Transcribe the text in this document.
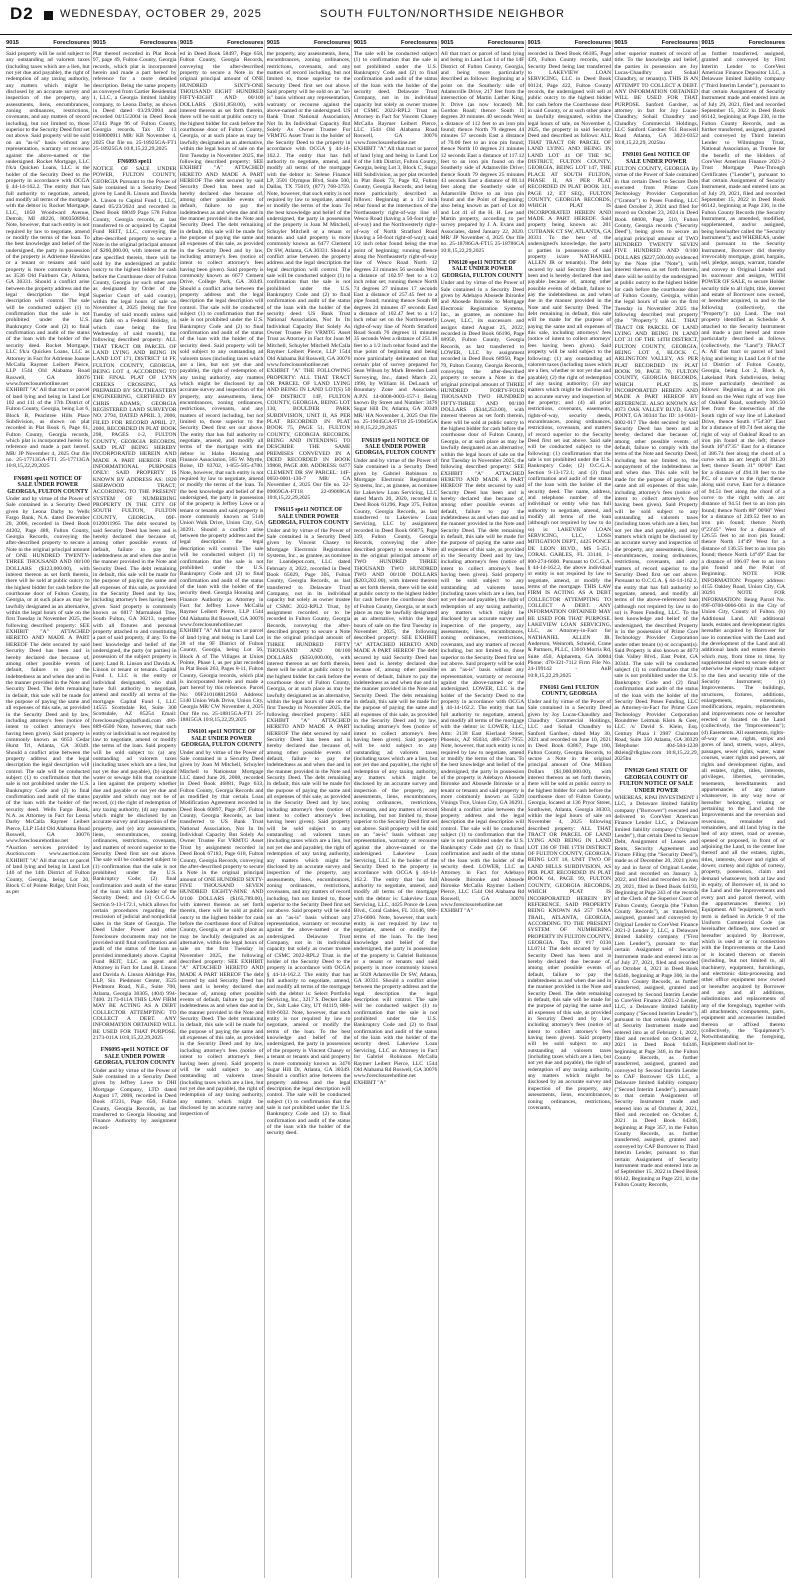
D2 WEDNESDAY, OCTOBER 29, 2025	SOUTH FULTON/NORTHSIDE NEIGHBOR
9015	Foreclosures

Said property will be sold subject to any outstanding ad valorem taxes (including taxes which are a lien, but not yet due and payable), the right of redemption of any taxing authority, any matters which might be disclosed by an accurate survey and inspection of the property, any assessments, liens, encumbrances, zoning ordinances, restrictions, covenants, and any matters of record including, but not limited to, those superior to the Security Deed first set out above. Said property will be sold on an "as-is" basis without any representation, warranty or recourse against the above-named or the undersigned. Rocket Mortgage, LLC f/k/a Quicken Loans, LLC is the holder of the Security Deed to the property in accordance with OCGA § 44-14-162.2. The entity that has full authority to negotiate, amend, and modify all terms of the mortgage with the debtor is: Rocket Mortgage, LLC, 1050 Woodward Avenue, Detroit, MI 48226, 8003508964. Note, however, that such entity is not required by law to negotiate, amend or modify the terms of the loan. To the best knowledge and belief of the undersigned, the party in possession of the property is Adrienne Hawkins or a tenant or tenants and said property is more commonly known as 3536 Old Fairburn Cir, Atlanta, GA 30331. Should a conflict arise between the property address and the legal description the legal description will control. The sale will be conducted subject (1) to confirmation that the sale is not prohibited under the U.S. Bankruptcy Code and (2) to final confirmation and audit of the status of the loan with the holder of the security deed. Rocket Mortgage, LLC f/k/a Quicken Loans, LLC as Attorney in Fact for Adrienne Joanne McCalla Raymer Leibert Pierce, LLP 1544 Old Alabama Road Roswell, GA 30076 www.foreclosurehotline.net EXHIBIT "A" All that tract or parcel of land lying and being in Land Lot 102 and 111 of the 17th District of Fulton County, Georgia, being Lot 6, Block B, Peachtree Hills Place Subdivision, as shown on plat recorded in Plat Book 6, Page 61, Fulton County, Georgia records, which plat is incorporated herein by reference and made a part hereof. MR/ JP November 4, 2025 Our file no. 25-17713GA-FT1 25-17713GA 10:8,15,22,29,2025

FN6091 spe11 NOTICE OF SALE UNDER POWER GEORGIA, FULTON COUNTY

Under and by virtue of the Power of Sale contained in a Security Deed given by Leona Darby to Wells Fargo Bank, N.A. dated December 20, 2006, recorded in Deed Book 44202, Page 488, Fulton County, Georgia Records, conveying the after-described property to secure a Note in the original principal amount of ONE HUNDRED TWENTY-THREE THOUSAND AND 00/100 DOLLARS ($123,000.00), with interest thereon as set forth therein, there will be sold at public outcry to the highest bidder for cash before the courthouse door of Fulton County, Georgia, or at such place as may be lawfully designated as an alternative, within the legal hours of sale on the first Tuesday in November 2025, the following described property: SEE EXHIBIT "A" ATTACHED HERETO AND MADE A PART HEREOF The debt secured by said Security Deed has been and is hereby declared due because of, among other possible events of default, failure to pay the indebtedness as and when due and in the manner provided in the Note and Security Deed. The debt remaining in default, this sale will be made for the purpose of paying the same and all expenses of this sale, as provided in the Security Deed and by law, including attorney's fees (notice of intent to collect attorney's fees having been given). Said property is commonly known as 6653 Cedar Hurst Trl, Atlanta, GA 30349. Should a conflict arise between the property address and the legal description the legal description will control. The sale will be conducted subject (1) to confirmation that the sale is not prohibited under the U.S. Bankruptcy Code and (2) to final confirmation and audit of the status of the loan with the holder of the security deed. Wells Fargo Bank, N.A. as Attorney in Fact for Leona Darby McCalla Raymer Leibert Pierce, LLP 1544 Old Alabama Road Roswell, GA 30076 www.foreclosurehotline.net *Auction services provided by Auction.com www.auction.com EXHIBIT "A" All that tract or parcel of land lying and being in Land Lot 140 of the 14th District of Fulton County, Georgia, being Lot 20, Block C of Pointe Ridge; Unit Four, as per

9015	Foreclosures

Plat thereof recorded in Plat Book 97, page 49, Fulton County, Georgia records, which plat is incorporated herein and made a part hereof by reference for a more detailed description. Being the same property as conveyed from Cartier Residential 1, LLC, a Georgia limited liability company, to Leona Darby, as shown in Deed dated 03/29/2004 and recorded 04/15/2004 in Deed Book 37443 Page 96 of Fulton County, Georgia records. Tax ID: 13 0168000911 MR/ KB November 4, 2025 Our file no. 25-18925GA-FT1 25-18925GA 10:8,15,22,29,2025

FN6093 spe11

NOTICE OF SALE UNDER POWER, FULTON COUNTY, GEORGIA Pursuant to the Power of Sale contained in a Security Deed given by Land R. Linson and Davida A. Linson to Capital Fund I, LLC, dated 05/23/2024 and recorded in Deed Book 68049 Page 578 Fulton County, Georgia records, as last transferred to or acquired by Capital Fund REIT, LLC, conveying the after-described property to secure a Note in the original principal amount of $260,000.00, with interest at the rate specified therein, there will be sold by the undersigned at public outcry to the highest bidder for cash before the Courthouse door of Fulton County, Georgia (or such other area as designated by Order of the Superior Court of said county), within the legal hours of sale on November 4, 2025 (being the first Tuesday of said month unless said date falls on a Federal Holiday, in which case being the first Wednesday of said month), the following described property: ALL THAT TRACT OR PARCEL OF LAND LYING AND BEING IN LAND LOT 171, DISTRICT 14 FF, FULTON COUNTY, GEORGIA, BEING LOT 4, ACCORDING TO THE FINAL PLAT OF LYNN CREEKS CROSSING, AS PREPARED BY SOUTHEASTERN ENGINEERING, CERTIFIED BY CHRIS ADAMS, GEORGIA REGISTERED LAND SURVEYOR NO. 2794, DATED APRIL 3, 2006, FILED FOR RECORD APRIL 27, 2006, RECORDED IN PLAT BOOK 298, PAGES 1-2, FULTON COUNTY, GEORGIA RECORDS, SAID PLAT BEING HEREBY INCORPORATED HEREIN AND MADE A PART HEREOF. FOR INFORMATIONAL PURPOSES ONLY: SAID PROPERTY IS KNOWN BY ADDRESS AS: 1820 SHERWOOD TRACT, ACCORDING TO THE PRESENT SYSTEM OF NUMBERING PROPERTY IN THE CITY OF SOUTH FULTON, FULTON COUNTY, GEORGIA. 09F-0120011965 The debt secured by said Security Deed has been and is hereby declared due because of, among other possible events of default, failure to pay the indebtedness as and when due and in the manner provided in the Note and Security Deed. The debt remaining in default, this sale will be made for the purpose of paying the same and all expenses of this sale, as provided in the Security Deed and by law, including attorney's fees having been given. Said property is commonly known as 6817 Marmalead Tree, South Fulton, GA 30213, together with all fixtures and personal property attached to and constituting a part of said property, if any. To the best knowledge and belief of the undersigned, the party (or parties) in possession of the subject property is (are): Land R. Linson and Davida A. Linson or tenant or tenants. Capital Fund I, LLC is the entity or individual designated, who shall have full authority to negotiate, amend and modify all terms of the mortgage. Capital Fund I, LLC 14555 Scottsdale Rd, Suite 300 Scottsdale, AZ 85254 Email: foreclosure@capitalfundi.com 480-889-6500 Note, however, that such entity or individual is not required by law to negotiate, amend or modify the terms of the loan. Said property will be sold subject to: (a) any outstanding ad valorem taxes (including taxes which are a lien, but not yet due and payable), (b) unpaid water or sewage bills that constitute a lien against the property whether due and payable or not yet due and payable and which may not be of record, (c) the right of redemption of any taxing authority, (d) any matters which might be disclosed by an accurate survey and inspection of the property, and (e) any assessments, liens, encumbrances, zoning ordinances, restrictions, covenants, and matters of record superior to the Security Deed first set out above. The sale will be conducted subject to (1) confirmation that the sale is not prohibited under the U.S. Bankruptcy Code; (2) final confirmation and audit of the status of the loan with the holder of the Security Deed; and (3) O.C.G.A. Section 9-13-172.1, which allows for certain procedures regarding the rescission of judicial and nonjudicial sales in the State of Georgia. The Deed Under Power and other foreclosure documents may not be provided until final confirmation and audit of the status of the loan as provided immediately above. Capital Fund REIT, LLC as agent and Attorney in Fact for Land R. Linson and Davida A. Linson Aldridge Pite, LLP, Six Piedmont Center, 3525 Piedmont Road, N.E., Suite 700, Atlanta, Georgia 30305, (404) 994-7400. 2173-011A THIS LAW FIRM MAY BE ACTING AS A DEBT COLLECTOR ATTEMPTING TO COLLECT A DEBT. ANY INFORMATION OBTAINED WILL BE USED FOR THAT PURPOSE. 2173-011A 10:8,15,22,29,2025

FN6095 spe11 NOTICE OF SALE UNDER POWER GEORGIA, FULTON COUNTY

Under and by virtue of the Power of Sale contained in a Security Deed given by Jeffrey Lowe to DHI Mortgage Company, LTD dated August 17, 2008, recorded in Deed Book 47231, Page 650, Fulton County, Georgia Records, as last transferred to Georgia Housing and Finance Authority by assignment record-

9015	Foreclosures

ed in Deed Book 58497, Page 658, Fulton County, Georgia Records, conveying the after-described property to secure a Note in the original principal amount of ONE HUNDRED SIXTY-ONE THOUSAND EIGHT HUNDRED FIFTY-EIGHT AND 00/100 DOLLARS ($161,858.00), with interest thereon as set forth therein, there will be sold at public outcry to the highest bidder for cash before the courthouse door of Fulton County, Georgia, or at such place as may be lawfully designated as an alternative, within the legal hours of sale on the first Tuesday in November 2025, the following described property: SEE EXHIBIT "A" ATTACHED HERETO AND MADE A PART HEREOF The debt secured by said Security Deed has been and is hereby declared due because of, among other possible events of default, failure to pay the indebtedness as and when due and in the manner provided in the Note and Security Deed. The debt remaining in default, this sale will be made for the purpose of paying the same and all expenses of this sale, as provided in the Security Deed and by law, including attorney's fees (notice of intent to collect attorney's fees having been given). Said property is commonly known as 6677 Cement Drive, College Park, GA 30349. Should a conflict arise between the property address and the legal description the legal description will control. The sale will be conducted subject (1) to confirmation that the sale is not prohibited under the U.S. Bankruptcy Code and (2) to final confirmation and audit of the status of the loan with the holder of the security deed. Said property will be sold subject to any outstanding ad valorem taxes (including taxes which are a lien, but not yet due and payable), the right of redemption of any taxing authority, any matters which might be disclosed by an accurate survey and inspection of the property, any assessments, liens, encumbrances, zoning ordinances, restrictions, covenants, and any matters of record including, but not limited to, those superior to the Security Deed first set out above. The entity that has full authority to negotiate, amend, and modify all terms of the mortgage with the debtor is: Idaho Housing and Finance Association, 565 W. Myrtle, Boise, ID 83702, 1-855-505-4700. Note, however, that such entity is not required by law to negotiate, amend or modify the terms of the loan. To the best knowledge and belief of the undersigned, the party in possession of the property is Jeffrey Lowe or a tenant or tenants and said property is more commonly known as 5140 Union Walk Drive, Union City, GA 30291. Should a conflict arise between the property address and the legal description the legal description will control. The sale will be conducted subject (1) to confirmation that the sale is not prohibited under the U.S. Bankruptcy Code and (2) to final confirmation and audit of the status of the loan with the holder of the security deed. Georgia Housing and Finance Authority as Attorney in Fact for Jeffrey Lowe McCalla Raymer Leibert Pierce, LLP 1544 Old Alabama Rd Roswell, GA 30076 www.foreclosurehotline.net EXHIBIT "A" All that tract or parcel of land lying and being in Land Lot 28 of the 9F District of Fulton County, Georgia, being Lot 56, Block A of The Villages at Union Pointe, Phase I, as per plat recorded in Plat Book 263, Pages 8-11, Fulton County, Georgia records, which plat is incorporated herein and made a part hereof by this reference. Parcel No: 09F210108812950 Address: 5140 Union Walk Drive, Union City, Georgia MR/ CW November 4, 2025 Our file no. 25-18815GA-FT1 25-18815GA 10:8,15,22,29,2025

FN6101 spe11 NOTICE OF SALE UNDER POWER GEORGIA, FULTON COUNTY

Under and by virtue of the Power of Sale contained in a Security Deed given by Joan M Mitchell, Schuyler Mitchell to Nationstar Mortgage LLC dated June 26, 2008, recorded in Deed Book 46881, Page 633, Fulton County, Georgia Records and as modified by that certain Loan Modification Agreement recorded in Deed Book 60897, Page 467, Fulton County, Georgia Records, as last transferred to US Bank Trust National Association, Not In Its Individual Capacity But Solely As Owner Trustee For VRMTG Asset Trust by assignment recorded in Deed Book 67183, Page 618, Fulton County, Georgia Records, conveying the after-described property to secure a Note in the original principal amount of ONE HUNDRED SIXTY-FIVE THOUSAND SEVEN HUNDRED EIGHTY-NINE AND 0/100 DOLLARS ($165,789.00), with interest thereon as set forth therein, there will be sold at public outcry to the highest bidder for cash before the courthouse door of Fulton County, Georgia, or at such place as may be lawfully designated as an alternative, within the legal hours of sale on the first Tuesday in November 2025, the following described property: SEE EXHIBIT "A" ATTACHED HERETO AND MADE A PART HEREOF The debt secured by said Security Deed has been and is hereby declared due because of, among other possible events of default, failure to pay the indebtedness as and when due and in the manner provided in the Note and Security Deed. The debt remaining in default, this sale will be made for the purpose of paying the same and all expenses of this sale, as provided in the Security Deed and by law, including attorney's fees (notice of intent to collect attorney's fees having been given). Said property will be sold subject to any outstanding ad valorem taxes (including taxes which are a lien, but not yet due and payable), the right of redemption of any taxing authority, any matters which might be disclosed by an accurate survey and inspection of

9015	Foreclosures

the property, any assessments, liens, encumbrances, zoning ordinances, restrictions, covenants, and any matters of record including, but not limited to, those superior to the Security Deed first set out above. Said property will be sold on an "as-is" basis without any representation, warranty or recourse against the above-named or the undersigned. US Bank Trust National Association, Not In Its Individual Capacity But Solely As Owner Trustee For VRMTG Asset Trust is the holder of the Security Deed to the property in accordance with OCGA § 44-14-162.2. The entity that has full authority to negotiate, amend, and modify all terms of the mortgage with the debtor is: Selene Finance LP, 3501 Olympus Blvd, Suite 500, Dallas, TX 75019, (877) 768-3759. Note, however, that such entity is not required by law to negotiate, amend or modify the terms of the loan. To the best knowledge and belief of the undersigned, the party in possession of the property is Joan M Mitchell, Schuyler Mitchell or a tenant or tenants and said property is more commonly known as 6477 Clement Dr SW, Atlanta, GA 30331. Should a conflict arise between the property address and the legal description the legal description will control. The sale will be conducted subject (1) to confirmation that the sale is not prohibited under the U.S. Bankruptcy Code and (2) to final confirmation and audit of the status of the loan with the holder of the security deed. US Bank Trust National Association, Not In Its Individual Capacity But Solely As Owner Trustee For VRMTG Asset Trust as Attorney in Fact for Joan M Mitchell, Schuyler Mitchell McCalla Raymer Leibert Pierce, LLP 1544 Old Alabama Rd Roswell, GA 30076 www.foreclosurehotline.net EXHIBIT "A" THE FOLLOWING PROPERTY: ALL THAT TRACT OR PARCEL OF LAND LYING AND BEING IN LAND LOT(S) 50 OF DISTRICT 14F, FULTON COUNTY, GEORGIA, BEING LOT 130, BOULDER PARK SUBDIVISION, UNIT II, AS PER PLAT RECORDED IN PLAT BOOK 75, PAGE 51, FULTON COUNTY, GEORGIA RECORDS. BEING AND INTENDING TO DESCRIBE THE SAME PREMISES CONVEYED IN A DEED RECORDED IN BOOK 39868, PAGE 408. ADDRESS: 6477 CLEMENT DR SW PARCEL: 14F-0050-0001-130-7 MR/ CA November 4, 2025 Our file no. 22-09069GA-FT18 22-09069GA 10:8,15,22,29,2025

FN6115 spe11 NOTICE OF SALE UNDER POWER GEORGIA, FULTON COUNTY

Under and by virtue of the Power of Sale contained in a Security Deed given by Vincent Chasey to Mortgage Electronic Registration Systems, Inc., as grantee, as nominee for Loandepot.com, LLC dated February 4, 2022, recorded in Deed Book 65029, Page 305, Fulton County, Georgia Records, as last transferred to Delaware Trust Company, not in its individual capacity but solely as owner trustee of CSMC 2022-RPL2 Trust, by assignment recorded or to be recorded in Fulton County, Georgia Records, conveying the after-described property to secure a Note in the original principal amount of THREE HUNDRED FIFTY THOUSAND AND 00/100 DOLLARS ($350,000.00), with interest thereon as set forth therein, there will be sold at public outcry to the highest bidder for cash before the courthouse door of Fulton County, Georgia, or at such place as may be lawfully designated as an alternative, within the legal hours of sale on the first Tuesday in November 2025, the following described property: SEE EXHIBIT "A" ATTACHED HERETO AND MADE A PART HEREOF The debt secured by said Security Deed has been and is hereby declared due because of, among other possible events of default, failure to pay the indebtedness as and when due and in the manner provided in the Note and Security Deed. The debt remaining in default, this sale will be made for the purpose of paying the same and all expenses of this sale, as provided in the Security Deed and by law, including attorney's fees (notice of intent to collect attorney's fees having been given). Said property will be sold subject to any outstanding ad valorem taxes (including taxes which are a lien, but not yet due and payable), the right of redemption of any taxing authority, any matters which might be disclosed by an accurate survey and inspection of the property, any assessments, liens, encumbrances, zoning ordinances, restrictions, covenants, and any matters of record including, but not limited to, those superior to the Security Deed first set out above. Said property will be sold on an "as-is" basis without any representation, warranty or recourse against the above-named or the undersigned. Delaware Trust Company, not in its individual capacity but solely as owner trustee of CSMC 2022-RPL2 Trust is the holder of the Security Deed to the property in accordance with OCGA § 44-14-162.2. The entity that has full authority to negotiate, amend, and modify all terms of the mortgage with the debtor is: Select Portfolio Servicing, Inc., 3217 S. Decker Lake Dr., Salt Lake City, UT 84119, 888-818-6032. Note, however, that such entity is not required by law to negotiate, amend or modify the terms of the loan. To the best knowledge and belief of the undersigned, the party in possession of the property is Vincent Chasey or a tenant or tenants and said property is more commonly known as 3476 Sugar Hill Dr, Atlanta, GA 30349. Should a conflict arise between the property address and the legal description the legal description will control. The sale will be conducted subject (1) to confirmation that the sale is not prohibited under the U.S. Bankruptcy Code and (2) to final confirmation and audit of the status of the loan with the holder of the security deed.

9015	Foreclosures

The sale will be conducted subject (1) to confirmation that the sale is not prohibited under the U.S. Bankruptcy Code and (2) to final confirmation and audit of the status of the loan with the holder of the security deed. Delaware Trust Company, not in its individual capacity but solely as owner trustee of CSMC 2022-RPL2 Trust as Attorney in Fact for Vincent Chasey McCalla Raymer Leibert Pierce, LLC 1544 Old Alabama Road Roswell, GA 30076 www.foreclosurehotline.net EXHIBIT "A" All that tract or parcel of land lying and being in Land Lot 8 of the 14th District, Fulton County, Georgia, being Lot 3, Block C, Sugar Hill Subdivision, as per plat recorded in Plat Book 73, Page 82, Fulton County, Georgia Records, and being more particularly described as follows: Beginning at a 1/2 inch rebar found at the intersection of the Northeasterly right-of-way line of Wesco Road (having a 50-foot right-of-way) and the Northwesterly right-of-way of North Stratford Road (having a 50-foot right-of-way); said 1/2 inch rebar found being the true point of beginning; running thence along the Northeasterly right-of-way line of Wesco Road North 12 degrees 23 minutes 56 seconds West a distance of 102.97 feet to a 1/2 inch rebar set; running thence North 74 degrees 27 minutes 17 seconds East a distance of 257.45 feet to a pipe found; running thence South 08 degrees 24 minutes 47 seconds East a distance of 102.47 feet to a 1/2 inch rebar set on the Northwesterly right-of-way line of North Stratford Road South 76 degrees 11 minutes 35 seconds West a distance of 251.18 feet to a 1/2 inch rebar found and the true point of beginning and being more particularly delineated on that certain plat of survey prepared for Sean Wilson by Mark Breeden Land Surveying, Inc., dated March 23, 1998, by William H. DeLoach of Boundary Zone and Associates. A.P.N. 14-0008-0003-157-1 Being known By Street and Number: 3476 Sugar Hill Dr, Atlanta, GA 30349 MR/ HA November 4, 2025 Our file no. 25-19045GA-FT18 25-19045GA 10:8,15,22,29,2025

FN6119 spe11 NOTICE OF SALE UNDER POWER GEORGIA, FULTON COUNTY

Under and by virtue of the Power of Sale contained in a Security Deed given by Gabriel Robinson to Mortgage Electronic Registration Systems, Inc., as grantee, as nominee for Lakeview Loan Servicing, LLC dated March 20, 2020, recorded in Deed Book 61296, Page 375, Fulton County, Georgia Records, as last transferred to Lakeview Loan Servicing, LLC by assignment recorded in Deed Book 66875, Page 339, Fulton County, Georgia Records, conveying the after-described property to secure a Note in the original principal amount of TWO HUNDRED THREE THOUSAND TWO HUNDRED TWO AND 00/100 DOLLARS ($203,202.00), with interest thereon as set forth therein, there will be sold at public outcry to the highest bidder for cash before the courthouse door of Fulton County, Georgia, or at such place as may be lawfully designated as an alternative, within the legal hours of sale on the first Tuesday in November 2025, the following described property: SEE EXHIBIT "A" ATTACHED HERETO AND MADE A PART HEREOF The debt secured by said Security Deed has been and is hereby declared due because of, among other possible events of default, failure to pay the indebtedness as and when due and in the manner provided in the Note and Security Deed. The debt remaining in default, this sale will be made for the purpose of paying the same and all expenses of this sale, as provided in the Security Deed and by law, including attorney's fees (notice of intent to collect attorney's fees having been given). Said property will be sold subject to any outstanding ad valorem taxes (including taxes which are a lien, but not yet due and payable), the right of redemption of any taxing authority, any matters which might be disclosed by an accurate survey and inspection of the property, any assessments, liens, encumbrances, zoning ordinances, restrictions, covenants, and any matters of record including, but not limited to, those superior to the Security Deed first set out above. Said property will be sold on an "as-is" basis without any representation, warranty or recourse against the above-named or the undersigned. Lakeview Loan Servicing, LLC is the holder of the Security Deed to the property in accordance with OCGA § 44-14-162.2. The entity that has full authority to negotiate, amend, and modify all terms of the mortgage with the debtor is: Lakeview Loan Servicing, LLC, 4425 Ponce de Leon Blvd., Coral Gables, FL 33146, 800-274-6600. Note, however, that such entity is not required by law to negotiate, amend or modify the terms of the loan. To the best knowledge and belief of the undersigned, the party in possession of the property is Gabriel Robinson or a tenant or tenants and said property is more commonly known as 5028 Adamsville Dr SW, Atlanta, GA 30331. Should a conflict arise between the property address and the legal description the legal description will control. The sale will be conducted subject (1) to confirmation that the sale is not prohibited under the U.S. Bankruptcy Code and (2) to final confirmation and audit of the status of the loan with the holder of the security deed. Lakeview Loan Servicing, LLC as Attorney in Fact for Gabriel Robinson McCalla Raymer Leibert Pierce, LLC 1544 Old Alabama Rd Roswell, GA 30076 www.foreclosurehotline.net EXHIBIT "A"

9015	Foreclosures

All that tract or parcel of land lying and being in Land Lot 14 of the 14F District of Fulton County, Georgia, and being more particularly described as follows: Beginning at a point on the Southerly side of Adamsville Drive, 217 feet from the intersection of Martin Luther King, Jr. Drive (as now located) Mt. Gordon Road; thence South 11 degrees 20 minutes 40 seconds West a distance of 112 feet to an iron pin found; thence North 79 degrees 44 minutes 57 seconds East a distance of 70.00 feet to an iron pin found; thence North 10 degrees 21 minutes 12 seconds East a distance of 117.12 feet to an iron pin found on the Southerly side of Adamsville Drive; thence South 79 degrees 25 minutes 43 seconds East a distance of 69.14 feet along the Southerly side of Adamsville Drive to an iron pin found and the Point of Beginning; also being known as part of Lot 40 and Lot 41 of the H. H. Lee and Martin property, according to per survey prepared by J. A. Evans and Associates, dated January 22, 2020. MR/ JP November 4, 2025 Our file no. 25-18786GA-FT15 25-18786GA 10:8,15,22,29,2025

FN6120 spe11 NOTICE OF SALE UNDER POWER GEORGIA, FULTON COUNTY

Under and by virtue of the Power of Sale contained in a Security Deed given by Adebayo Abosede Ibironke and Abosede Ibironke to Mortgage Electronic Registration Systems, Inc., as grantee, as nominee for Lower, LLC, its successors and assigns dated August 25, 2022, recorded in Deed Book 66196, Page 68950, Fulton County, Georgia Records, as last transferred to LOWER, LLC by assignment recorded in Deed Book 68950, Page 79, Fulton County, Georgia Records, conveying the after-described property to secure a Note in the original principal amount of THREE HUNDRED FORTY-FOUR THOUSAND TWO HUNDRED FIFTY-THREE AND 00/100 DOLLARS ($344,253.00), with interest thereon as set forth therein, there will be sold at public outcry to the highest bidder for cash before the courthouse door of Fulton County, Georgia, or at such place as may be lawfully designated as an alternative, within the legal hours of sale on the first Tuesday in November 2025, the following described property: SEE EXHIBIT "A" ATTACHED HERETO AND MADE A PART HEREOF The debt secured by said Security Deed has been and is hereby declared due because of, among other possible events of default, failure to pay the indebtedness as and when due and in the manner provided in the Note and Security Deed. The debt remaining in default, this sale will be made for the purpose of paying the same and all expenses of this sale, as provided in the Security Deed and by law, including attorney's fees (notice of intent to collect attorney's fees having been given). Said property will be sold subject to any outstanding ad valorem taxes (including taxes which are a lien, but not yet due and payable), the right of redemption of any taxing authority, any matters which might be disclosed by an accurate survey and inspection of the property, any assessments, liens, encumbrances, zoning ordinances, restrictions, covenants, and any matters of record including, but not limited to, those superior to the Security Deed first set out above. Said property will be sold on an "as-is" basis without any representation, warranty or recourse against the above-named or the undersigned. LOWER, LLC is the holder of the Security Deed to the property in accordance with OCGA § 44-14-162.2. The entity that has full authority to negotiate, amend, and modify all terms of the mortgage with the debtor is: LOWER, LLC, Attn: 2138 East Kierland Street, Phoenix, AZ 85034, 480-327-7955. Note, however, that such entity is not required by law to negotiate, amend or modify the terms of the loan. To the best knowledge and belief of the undersigned, the party in possession of the property is Adebayo Abosede Ibironke and Abosede Ibironke or a tenant or tenants and said property is more commonly known as 5320 Vinings Trce, Union City, GA 30291. Should a conflict arise between the property address and the legal description the legal description will control. The sale will be conducted subject (1) to confirmation that the sale is not prohibited under the U.S. Bankruptcy Code and (2) to final confirmation and audit of the status of the loan with the holder of the security deed. LOWER, LLC as Attorney in Fact for Adebayo Abosede Ibironke and Abosede Ibironke McCalla Raymer Leibert Pierce, LLC 1544 Old Alabama Rd Roswell, GA 30076 www.foreclosurehotline.net EXHIBIT "A"

9015	Foreclosures

recorded in Deed Book 66185, Page 439, Fulton County records, said Security Deed being last transferred to LAKEVIEW LOAN SERVICING, LLC in Deed Book 60124, Page 422, Fulton County records, the undersigned will sell at public outcry to the highest bidder for cash before the Courthouse door in said County, or at such other place as lawfully designated, within the legal hours of sale, on November 4, 2025, the property in said Security Deed and described as follows: ALL THAT TRACT OR PARCEL OF LAND LYING AND BEING IN LAND LOT 41 OF THE 9C DISTRICT, FULTON COUNTY, GEORGIA, BEING LOT 147, THE PLACE AT SOUTH FULTON, PHASE II, AS PER PLAT RECORDED IN PLAT BOOK 311, PAGE 12, ET SEQ., FULTON COUNTY, GEORGIA RECORDS, WHICH PLAT IS INCORPORATED HEREIN AND MADE A PART HEREOF. Said property being known as: 201 CUTBANK CT SW, ATLANTA, GA 30331 To the best of the undersigned's knowledge, the party or parties in possession of said property is/are NATHANIEL ALLEN JR or tenant(s). The debt secured by said Security Deed has been and is hereby declared due and payable because of, among other possible events of default, failure to pay the indebtedness as and when due in the manner provided in the Note and said Security Deed. The debt remaining in default, this sale will be made for the purpose of paying the same and all expenses of this sale, including attorneys' fees (notice of intent to collect attorneys' fees having been given). Said property will be sold subject to the following: (1) any outstanding ad valorem taxes (including taxes which are a lien, whether or not yet due and payable); (2) the right of redemption of any taxing authority; (3) any matters which might be disclosed by an accurate survey and inspection of the property; and (4) all prior restrictions, covenants, easements, rights-of-way, security deeds, encumbrances, zoning ordinances, restrictions, covenants, and matters of record superior to the Security Deed first set out above. Said sale will be conducted subject to the following: (1) confirmation that the sale is not prohibited under the U.S. Bankruptcy Code; (2) O.C.G.A. Section 9-13-172.1; and (3) final confirmation and audit of the status of the loan with the holder of the security deed. The name, address, and telephone number of the individual or entity who has full authority to negotiate, amend, and modify all terms of the loan (although not required by law to do so) is: LAKEVIEW LOAN SERVICING, LLC, LOSS MITIGATION DEPT., 4425 PONCE DE LEON BLVD., MS 5-251, CORAL GABLES, FL 33146, 1-800-274-6600. Pursuant to O.C.G.A. § 44-14-162.2, the above individual or entity is not required by law to negotiate, amend, or modify the terms of the mortgage. THIS LAW FIRM IS ACTING AS A DEBT COLLECTOR ATTEMPTING TO COLLECT A DEBT. ANY INFORMATION OBTAINED MAY BE USED FOR THAT PURPOSE. LAKEVIEW LOAN SERVICING, LLC, as Attorney-in-Fact for NATHANIEL ALLEN JR. Anderson, Weinroth, Schneid, Crane & Partners, PLLC, 13010 Morris Rd, Suite 450, Alpharetta, GA 30004 Phone: 470-321-7112 Firm File No. 24-199142 - AnB 10:8,15,22,29,2025

FN6161 Gen1 FULTON COUNTY, GEORGIA

Under and by virtue of the Power of Sale contained in a Security Deed given by Joy Lucas-Chaudhry and Chaudhry Commercial Holdings, LLC and Sohail Chaudhry to Sanford Gardner, dated May 30, 2021 and recorded on June 10, 2021 in Deed Book 63867, Page 180, Fulton County, Georgia Records, to secure a Note in the original principal amount of One Million Dollars ($1,000,000.00), with interest thereon as set forth therein, there will be sold at public outcry to the highest bidder for cash before the courthouse door of Fulton County, Georgia, located at 136 Pryor Street, Southwest, Atlanta, Georgia 30303, within the legal hours of sale on November 4, 2025 following described property: ALL THAT TRACT OR PARCEL OF LAND LYING AND BEING IN LAND LOT 136 OF THE 17TH DISTRICT OF FULTON COUNTY, GEORGIA, BEING LOT 18, UNIT TWO OF LAND HILLS SUBDIVISION, AS PER PLAT RECORDED IN PLAT BOOK 64, PAGE 99, FULTON COUNTY, GEORGIA RECORDS, WHICH PLAT IS INCORPORATED HEREIN BY REFERENCE. SAID PROPERTY BEING KNOWN AS 257 TARA TRAIL, ATLANTA, GEORGIA, ACCORDING TO THE PRESENT SYSTEM OF NUMBERING PROPERTY IN FULTON COUNTY, GEORGIA. Tax ID #17 0136 LL0714 The debt secured by said Security Deed has been and is hereby declared due because of, among other possible events of default, failure to pay the indebtedness as and when due and in the manner provided in the Note and Security Deed. The debt remaining in default, this sale will be made for the purpose of paying the same and all expenses of this sale, as provided in Security Deed and by law, including attorney's fees (notice of intent to collect attorney's fees having been given). Said property will be sold subject to any outstanding ad valorem taxes (including taxes which are a lien, but not yet due and payable), the right of redemption of any taxing authority, any matters which might be disclosed by an accurate survey and inspection of the property, any assessments, liens, encumbrances, zoning ordinances, restrictions, covenants,

9015	Foreclosures

other superior matters of record of title. To the knowledge and belief, the parties in possession are Joy Lucas-Chaudhry and Sohail Chaudhry, or tenant(s). THIS IS AN ATTEMPT TO COLLECT A DEBT. ANY INFORMATION OBTAINED WILL BE USED FOR THAT PURPOSE. Sanford Gardner, as attorney in fact for Joy Lucas-Chaudhry, Sohail Chaudhry and Chaudhry Commercial Holdings, LLC Sanford Gardner 951 Roswell Road Atlanta, GA 3023-0352 10:8,15,22,29, 2025bu

FN9101 Gen1 NOTICE OF SALE UNDER POWER

FULTON COUNTY, GEORGIA By virtue of the Power of Sale contained in that certain Deed to Secure Debt executed from Prime Core Technology Provider Corporation ("Grantor") to Poses Funding, LLC dated October 2, 2024 and filed for record on October 23, 2024 in Deed Book 68008, Page 510, Fulton County, Georgia records ("Security Deed"), being given to secure an original principal amount of TWO HUNDRED TWENTY SEVEN FIVE HUNDRED AND 0/100 DOLLARS ($227,500.00) evidenced by the Note (the "Note"), with interest thereon as set forth therein, there will be sold by the undersigned at public outcry to the highest bidder for cash before the courthouse door of Fulton County, Georgia, within the legal hours of sale on the first Tuesday in November 2025 the following described real property (the "Property"): ALL THAT TRACT OR PARCEL OF LAND LYING AND BEING IN LAND LOT 31 OF THE 14TH DISTRICT, FULTON COUNTY, GEORGIA, BEING LOT 4, BLOCK C, ARLINGTON VALLEY, AS PER PLAT RECORDED IN PLAT BOOK 99, PAGE 70, FULTON COUNTY, GEORGIA RECORDS, WHICH PLAT IS INCORPORATED HEREIN AND MADE A PART HEREOF BY REFERENCE. ALSO KNOWN AS: 4073 OAK VALLEY BLVD, EAST POINT, GA 30344 Tax ID: 14-0031-0002-017 The debt secured by said Security Deed has been and is hereby declared due because of, among other possible events of default, failure to comply with the terms of the Note and Security Deed, including but not limited to, the nonpayment of the indebtedness as and when due. This sale will be made for the purpose of paying the same and all expenses of this sale, including attorney's fees (notice of intent to collect attorney's fees having been given). Said Property will be sold subject to any outstanding ad valorem taxes (including taxes which are a lien, but not yet due and payable), and any matters which might be disclosed by an accurate survey and inspection of the property, any assessments, liens, encumbrances, zoning ordinances, restrictions, covenants, and any matters of record superior to the Security Deed first set out above. Pursuant to O.C.G.A. § 44-14-162.2, the entity that has full authority to negotiate, amend, and modify all terms of the above-referenced loan (although not required by law to do so) is Poses Funding, LLC. To the best knowledge and belief of the undersigned, the described Property is in the possession of Prime Core Technology Provider Corporation under other tenant (s) or occupant(s). Said Property is also known as 4073 Oak Valley Blvd., East Point, GA 30344. The sale will be conducted subject (1) to confirmation that the sale is not prohibited under the U.S. Bankruptcy Code and (2) final confirmation and audit of the status of the loan with the holder of the Security Deed. Poses Funding, LLC as Attorney-in-Fact for Prime Core Technology Provider Corporation Roundtree Leitman Klein & Geer, LLC /s/ David S. Klein, Esq. Century Plaza I 2987 Clairmont Road, Suite 350 Atlanta, GA 30329 Telephone: 404-584-1238 dklein@rlkglaw.com 10:8,15,22,29, 2025bu

FN9120 Gen1 STATE OF GEORGIA COUNTY OF FULTON NOTICE OF SALE UNDER POWER

WHEREAS, KPAI INVESTMENT I LLC, a Delaware limited liability company ("Borrower") executed and delivered to CoreVest American Finance Lender LLC, a Delaware limited liability company ("Original Lender"), that certain Deed to Secure Debt, Assignment of Leases and Rents, Security Agreement and Fixture Filing (the "Security Deed"), made as of December 20, 2021 given by and in favor of Original Lender, filed and recorded on January 3, 2022, and filed and recorded on July 29, 2021, filed in Deed Book 64193, Beginning at Page 243 of the records of the Clerk of the Superior Court of Fulton County, Georgia (the "Fulton County Records"), as transferred, assigned, granted and conveyed by Original Lender to CoreVest Finance 2021-2 Lender 2, LLC, a Delaware limited liability company ("First Lien Lender"), pursuant to that certain Assignment of Security Instrument made and entered into as of July 27, 2021, filed and recorded on October 4, 2021 in Deed Book 64346, beginning at Page 306, in the Fulton County Records, as further transferred, assigned, granted and conveyed by Second Interim Lender to CoreVest Finance 2021-2 Lender, LLC, a Delaware limited liability company ("Second Interim Lender"), pursuant to that certain Assignment of Security Instrument made and entered into as of February 1, 2022, filed and recorded on October 4, 2021 in Deed Book 64346, beginning at Page 346, in the Fulton County Records, as further transferred, assigned, granted and conveyed by Second Interim Lender to CAF Borrower GS LLC, a Delaware limited liability company ("Second Interim Lender"), pursuant to that certain Assignment of Security Instrument made and entered into as of October 4, 2021, filed and recorded on October 4, 2021 in Deed Book 64346, beginning at Page 357, in the Fulton County Records, as further transferred, assigned, granted and conveyed by CAF Borrower to Third Interim Lender, pursuant to that certain Assignment of Security Instrument made and entered into as of September 15, 2022 in Deed Book 66142, Beginning at Page 221, in the Fulton County Records,

9015	Foreclosures

as further transferred, assigned, granted and conveyed by First Interim Lender to CoreVest American Finance Depositor LLC, a Delaware limited liability company ("Third Interim Lender"), pursuant to that certain Assignment of Security Instrument made and entered into as of July 29, 2021, filed and recorded September 15, 2022 in Deed Book 66142, beginning at Page 230, in the Fulton County Records, and as further transferred, assigned, granted and conveyed by Third Interim Lender to Wilmington Trust, National Association, as Trustee for the benefit of the Holders of CoreVest American Finance 2021-2 Trust Mortgage Pass-Through Certificates ("Lender"), pursuant to that certain Assignment of Security Instrument, made and entered into as of July 29, 2021, filed and recorded September 15, 2022 in Deed Book 66142, beginning at Page 236, in the Fulton County Records (the Security Instrument, as amended, modified, supplemented, and/or assigned, being hereinafter called the "Security Instrument"); and WHEREAS, under and pursuant to the Security Instrument, Borrower did thereby irrevocably mortgage, grant, bargain, sell, pledge, assign, warrant, transfer and convey to Original Lender and its successor and assigns, WITH POWER OF SALE, to secure Holder security title to all right, title, interest and estate of Borrower now owned, or hereafter acquired, in and to the following (collectively, the "Property"): (a) Land. The real property identified as Schedule A attached to the Security Instrument and made a part hereof and more particularly described as follows (collectively, the "Land"): TRACT A: All that tract or parcel of land lying and being in Land Lot 8 of the 14 District of Fulton County, Georgia, being Lot 2, Block A, Lakeland Park Subdivision, being more particularly described as follows: Beginning at an iron pin found on the West right of way line of Oakleaf Road, southerly 306.50 feet from the intersection of the South right of way line of Lakeland Drive, thence South 1°54'30" East for a distance of 89.74 feet along the right of way of Oakleaf Road to an iron pin found at the left; thence South 16°47'35" East for a distance of 386.74 feet along the chord of a curve with an arc length of 391.20 feet; thence South 31° 00'00" East for a distance of 494.18 feet to the P.C. of a curve to the right; thence along said curve, East for a distance of 94.51 feet along the chord of a curve to the right with an arc distance of 94.51 feet to an iron pin found; thence North 88° 00'00" West for a distance of 249.52 feet to an iron pin found; thence North 0°23'45" West for a distance of 126.55 feet to an iron pin found; thence North 14°49' West for a distance of 136.55 feet to an iron pin found; thence North 14°49" East for a distance of 106.07 feet to an iron pin found and the Point of Beginning. NOTE FOR INFORMATION: Property address: 4155 Oakley Road, Union City, GA 30291 NOTE FOR INFORMATION: Being Parcel No. 09F-0700-0066-061 in the City of Union City, County of Fulton. (b) Additional Land. All additional lands, estates and development rights hereafter acquired by Borrower for use in connection with the Land and the development of the Land and all additional lands and estates therein which may, from time to time, by supplemental deed to secure debt or otherwise be expressly made subject to the lien and security title of the Security Instrument; (c) Improvements. The buildings, structures, fixtures, additions, enlargements, extensions, modifications, repairs, replacements and improvements now or hereafter erected or located on the Land (collectively, the "Improvements"); (d) Easements. All easements, rights-of-way or use, rights, strips and gores of land, streets, ways, alleys, passages, sewer rights, water, water courses, water rights and powers, air rights and development rights, and all estates, rights, titles, interests, privileges, liberties, servitudes, tenements, hereditaments and appurtenances of any nature whatsoever, in any way now or hereafter belonging, relating or pertaining to the Land and the Improvements and the reversion and reversions, remainder and remainders, and all land lying in the bed of any street, road or avenue, opened or proposed, in front of or adjoining the Land, to the center line thereof and all the estates, rights, titles, interests, dower and rights of dower, curtesy and rights of curtesy, property, possession, claim and demand whatsoever, both at law and in equity, of Borrower of, in and to the Land and the Improvements and every part and parcel thereof, with the appurtenances thereto; (e) Equipment. All "equipment," as such term is defined in Article 9 of the Uniform Commercial Code (as hereinafter defined), now owned or hereafter acquired by Borrower, which is used at or in connection with the Improvements or the Land or is located thereon or therein (including, but not limited to, all machinery, equipment, furnishings, and electronic data-processing and other office equipment now owned or hereafter acquired by Borrower and any and all additions, substitutions and replacements of any of the foregoing), together with all attachments, components, parts, equipment and accessories installed thereon or affixed thereto (collectively, the "Equipment"). Notwithstanding the foregoing, Equipment shall not in-
